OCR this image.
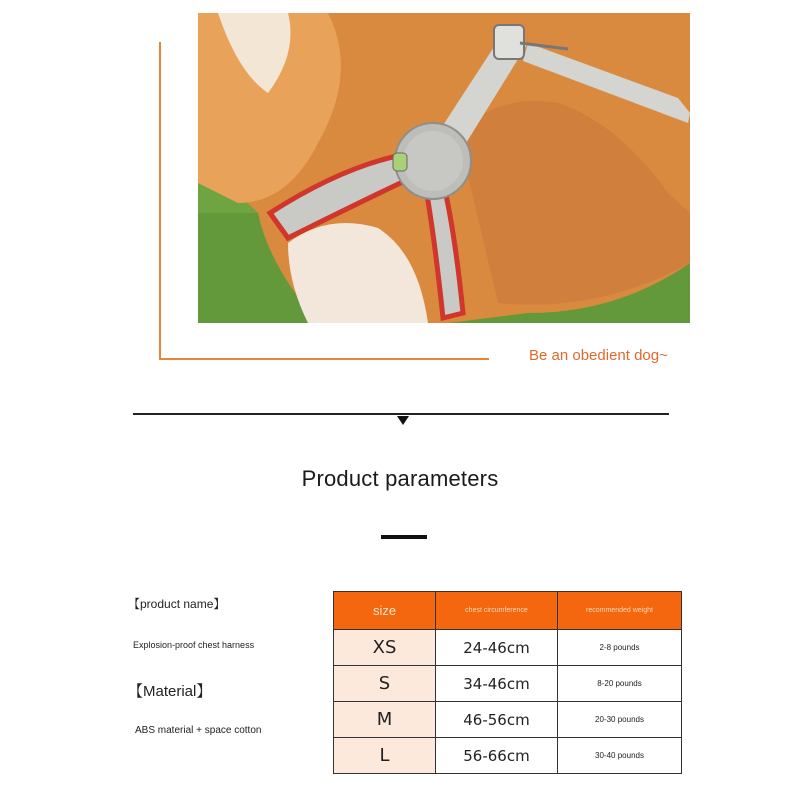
Be an obedient dog~
Product parameters
【product name】
Explosion-proof chest harness
【Material】
ABS material + space cotton
size	chest circumference	recommended weight
XS	24-46cm	2-8 pounds
S	34-46cm	8-20 pounds
M	46-56cm	20-30 pounds
L	56-66cm	30-40 pounds
